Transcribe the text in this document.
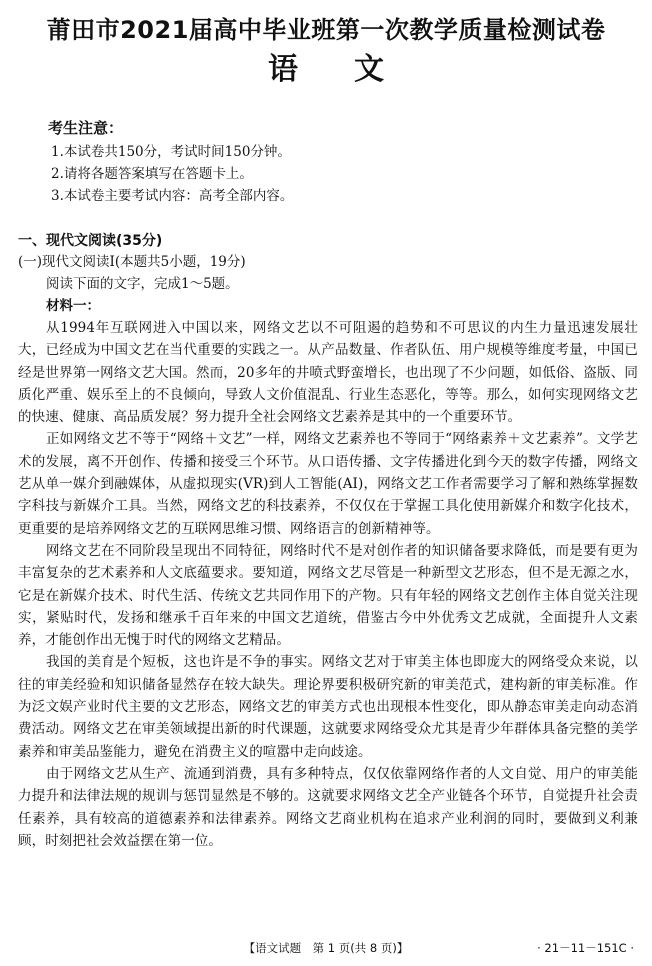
莆田市2021届高中毕业班第一次教学质量检测试卷
语文
考生注意：
1.本试卷共150分，考试时间150分钟。
2.请将各题答案填写在答题卡上。
3.本试卷主要考试内容：高考全部内容。
一、现代文阅读(35分)
(一)现代文阅读Ⅰ(本题共5小题，19分)
阅读下面的文字，完成1～5题。
材料一：

从1994年互联网进入中国以来，网络文艺以不可阻遏的趋势和不可思议的内生力量迅速发展壮大，已经成为中国文艺在当代重要的实践之一。从产品数量、作者队伍、用户规模等维度考量，中国已经是世界第一网络文艺大国。然而，20多年的井喷式野蛮增长，也出现了不少问题，如低俗、盗版、同质化严重、娱乐至上的不良倾向，导致人文价值混乱、行业生态恶化，等等。那么，如何实现网络文艺的快速、健康、高品质发展？努力提升全社会网络文艺素养是其中的一个重要环节。

正如网络文艺不等于“网络＋文艺”一样，网络文艺素养也不等同于“网络素养＋文艺素养”。文学艺术的发展，离不开创作、传播和接受三个环节。从口语传播、文字传播进化到今天的数字传播，网络文艺从单一媒介到融媒体，从虚拟现实(VR)到人工智能(AI)，网络文艺工作者需要学习了解和熟练掌握数字科技与新媒介工具。当然，网络文艺的科技素养，不仅仅在于掌握工具化使用新媒介和数字化技术，更重要的是培养网络文艺的互联网思维习惯、网络语言的创新精神等。

网络文艺在不同阶段呈现出不同特征，网络时代不是对创作者的知识储备要求降低，而是要有更为丰富复杂的艺术素养和人文底蕴要求。要知道，网络文艺尽管是一种新型文艺形态，但不是无源之水，它是在新媒介技术、时代生活、传统文艺共同作用下的产物。只有年轻的网络文艺创作主体自觉关注现实，紧贴时代，发扬和继承千百年来的中国文艺道统，借鉴古今中外优秀文艺成就，全面提升人文素养，才能创作出无愧于时代的网络文艺精品。

我国的美育是个短板，这也许是不争的事实。网络文艺对于审美主体也即庞大的网络受众来说，以往的审美经验和知识储备显然存在较大缺失。理论界要积极研究新的审美范式，建构新的审美标准。作为泛文娱产业时代主要的文艺形态，网络文艺的审美方式也出现根本性变化，即从静态审美走向动态消费活动。网络文艺在审美领域提出新的时代课题，这就要求网络受众尤其是青少年群体具备完整的美学素养和审美品鉴能力，避免在消费主义的喧嚣中走向歧途。

由于网络文艺从生产、流通到消费，具有多种特点，仅仅依靠网络作者的人文自觉、用户的审美能力提升和法律法规的规训与惩罚显然是不够的。这就要求网络文艺全产业链各个环节，自觉提升社会责任素养，具有较高的道德素养和法律素养。网络文艺商业机构在追求产业利润的同时，要做到义利兼顾，时刻把社会效益摆在第一位。

【语文试题　第 1 页(共 8 页)】	· 21－11－151C ·
